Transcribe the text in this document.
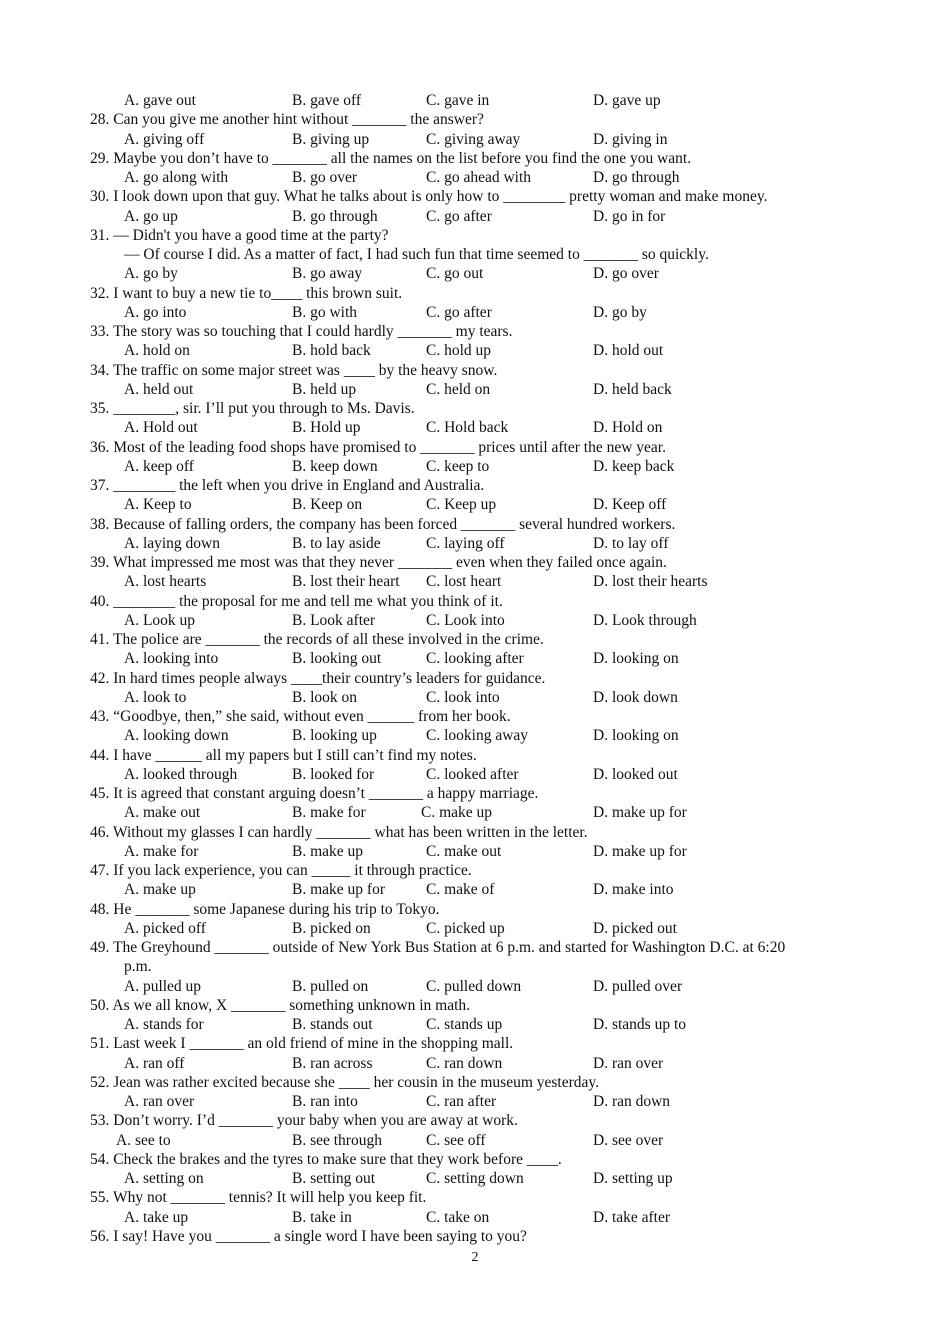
A. gave out	B. gave off	C. gave in	D. gave up
28. Can you give me another hint without _______ the answer?
A. giving off	B. giving up	C. giving away	D. giving in
29. Maybe you don’t have to _______ all the names on the list before you find the one you want.
A. go along with	B. go over	C. go ahead with	D. go through
30. I look down upon that guy. What he talks about is only how to ________ pretty woman and make money.
A. go up	B. go through	C. go after	D. go in for
31. — Didn't you have a good time at the party?
— Of course I did. As a matter of fact, I had such fun that time seemed to _______ so quickly.
A. go by	B. go away	C. go out	D. go over
32. I want to buy a new tie to____ this brown suit.
A. go into	B. go with	C. go after	D. go by
33. The story was so touching that I could hardly _______ my tears.
A. hold on	B. hold back	C. hold up	D. hold out
34. The traffic on some major street was ____ by the heavy snow.
A. held out	B. held up	C. held on	D. held back
35. ________, sir. I’ll put you through to Ms. Davis.
A. Hold out	B. Hold up	C. Hold back	D. Hold on
36. Most of the leading food shops have promised to _______ prices until after the new year.
A. keep off	B. keep down	C. keep to	D. keep back
37. ________ the left when you drive in England and Australia.
A. Keep to	B. Keep on	C. Keep up	D. Keep off
38. Because of falling orders, the company has been forced _______ several hundred workers.
A. laying down	B. to lay aside	C. laying off	D. to lay off
39. What impressed me most was that they never _______ even when they failed once again.
A. lost hearts	B. lost their heart C. lost heart	D. lost their hearts
40. ________ the proposal for me and tell me what you think of it.
A. Look up	B. Look after	C. Look into	D. Look through
41. The police are _______ the records of all these involved in the crime.
A. looking into	B. looking out	C. looking after	D. looking on
42. In hard times people always ____their country’s leaders for guidance.
A. look to	B. look on	C. look into	D. look down
43. “Goodbye, then,” she said, without even ______ from her book.
A. looking down	B. looking up	C. looking away	D. looking on
44. I have ______ all my papers but I still can’t find my notes.
A. looked through	B. looked for	C. looked after	D. looked out
45. It is agreed that constant arguing doesn’t _______ a happy marriage.
A. make out	B. make for	C. make up	D. make up for
46. Without my glasses I can hardly _______ what has been written in the letter.
A. make for	B. make up	C. make out	D. make up for
47. If you lack experience, you can _____ it through practice.
A. make up	B. make up for	C. make of	D. make into
48. He _______ some Japanese during his trip to Tokyo.
A. picked off	B. picked on	C. picked up	D. picked out
49. The Greyhound _______ outside of New York Bus Station at 6 p.m. and started for Washington D.C. at 6:20
p.m.
A. pulled up	B. pulled on	C. pulled down	D. pulled over
50. As we all know, X _______ something unknown in math.
A. stands for	B. stands out	C. stands up	D. stands up to
51. Last week I _______ an old friend of mine in the shopping mall.
A. ran off	B. ran across	C. ran down	D. ran over
52. Jean was rather excited because she ____ her cousin in the museum yesterday.
A. ran over	B. ran into	C. ran after	D. ran down
53. Don’t worry. I’d _______ your baby when you are away at work.
A. see to	B. see through	C. see off	D. see over
54. Check the brakes and the tyres to make sure that they work before ____.
A. setting on	B. setting out	C. setting down	D. setting up
55. Why not _______ tennis? It will help you keep fit.
A. take up	B. take in	C. take on	D. take after
56. I say! Have you _______ a single word I have been saying to you?
2
